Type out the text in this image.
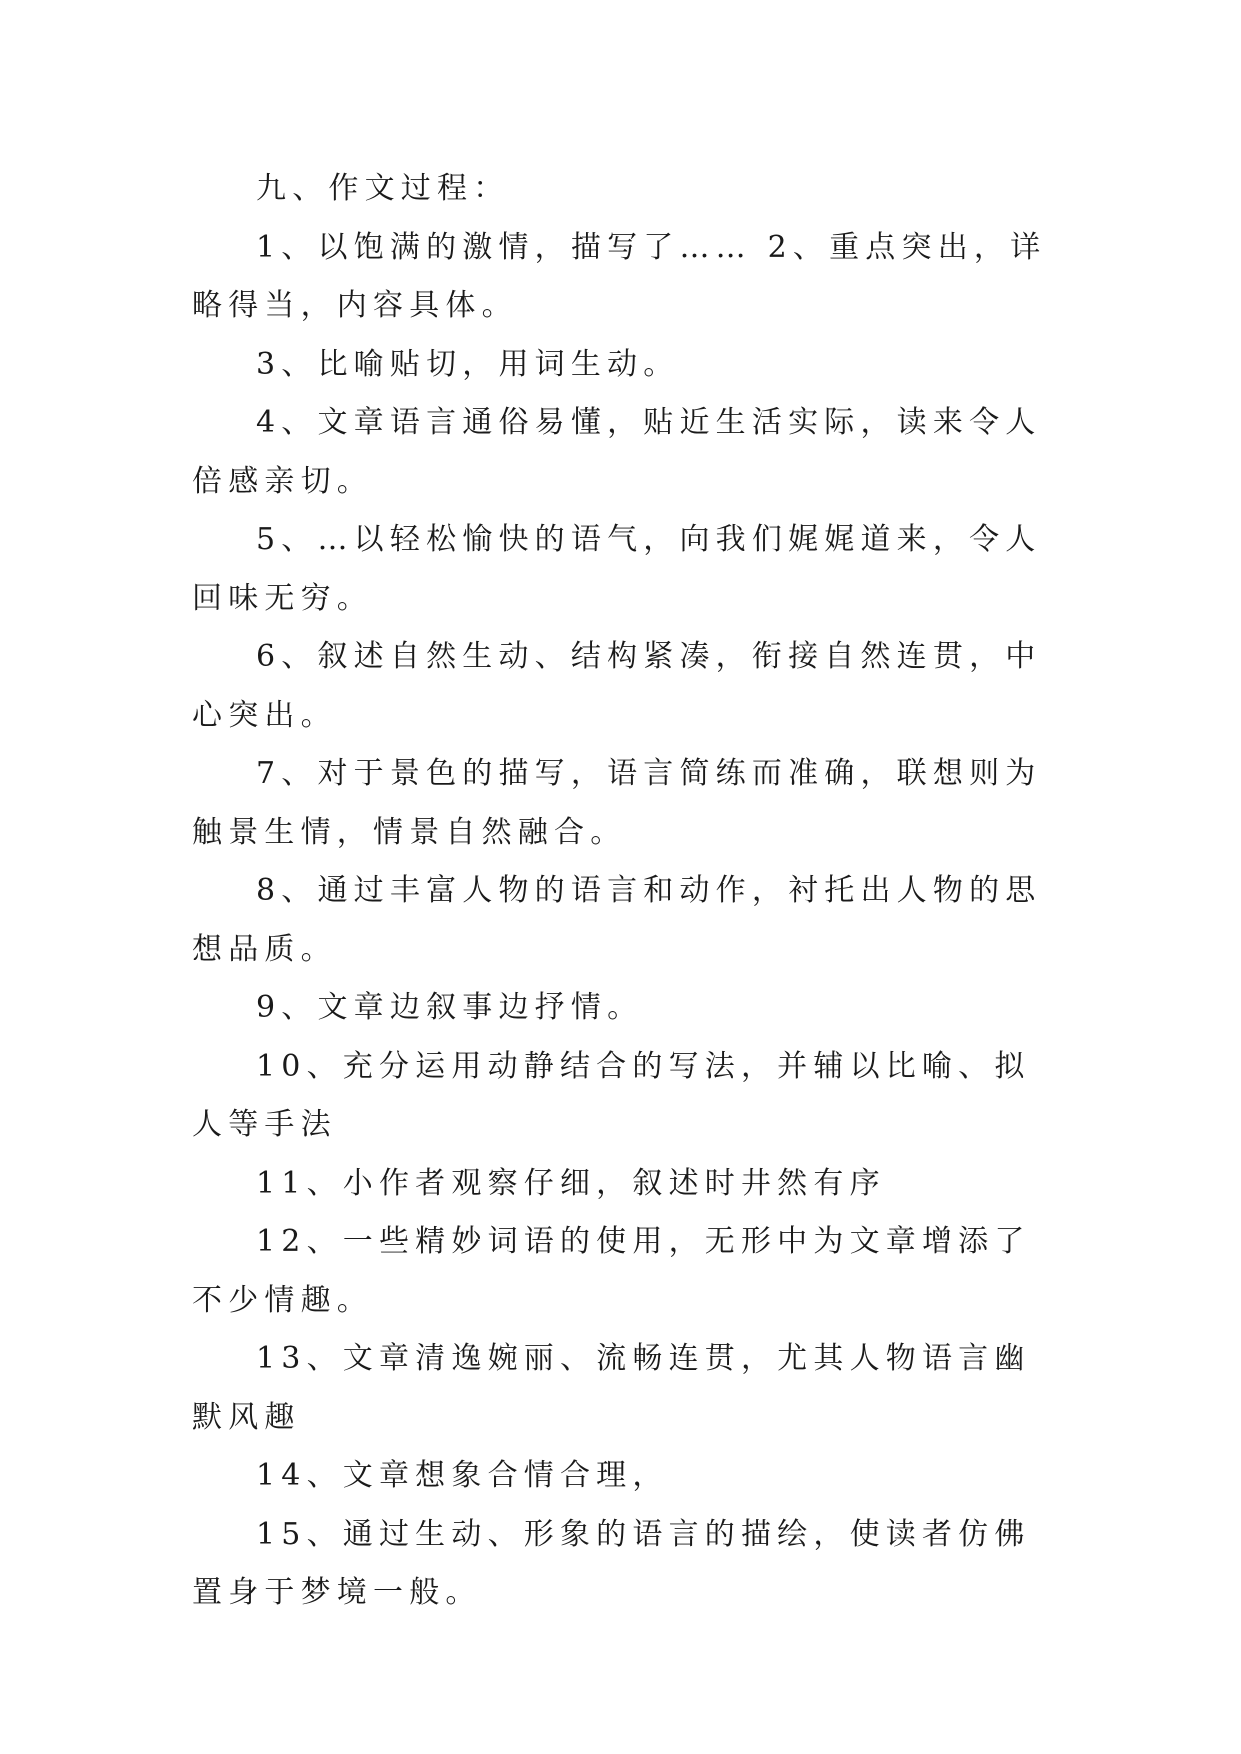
九、作文过程：

1、以饱满的激情，描写了…… 2、重点突出，详略得当，内容具体。

3、比喻贴切，用词生动。

4、文章语言通俗易懂，贴近生活实际，读来令人倍感亲切。

5、…以轻松愉快的语气，向我们娓娓道来，令人回味无穷。

6、叙述自然生动、结构紧凑，衔接自然连贯，中心突出。

7、对于景色的描写，语言简练而准确，联想则为触景生情，情景自然融合。

8、通过丰富人物的语言和动作，衬托出人物的思想品质。

9、文章边叙事边抒情。

10、充分运用动静结合的写法，并辅以比喻、拟人等手法

11、小作者观察仔细，叙述时井然有序

12、一些精妙词语的使用，无形中为文章增添了不少情趣。

13、文章清逸婉丽、流畅连贯，尤其人物语言幽默风趣

14、文章想象合情合理，

15、通过生动、形象的语言的描绘，使读者仿佛置身于梦境一般。
